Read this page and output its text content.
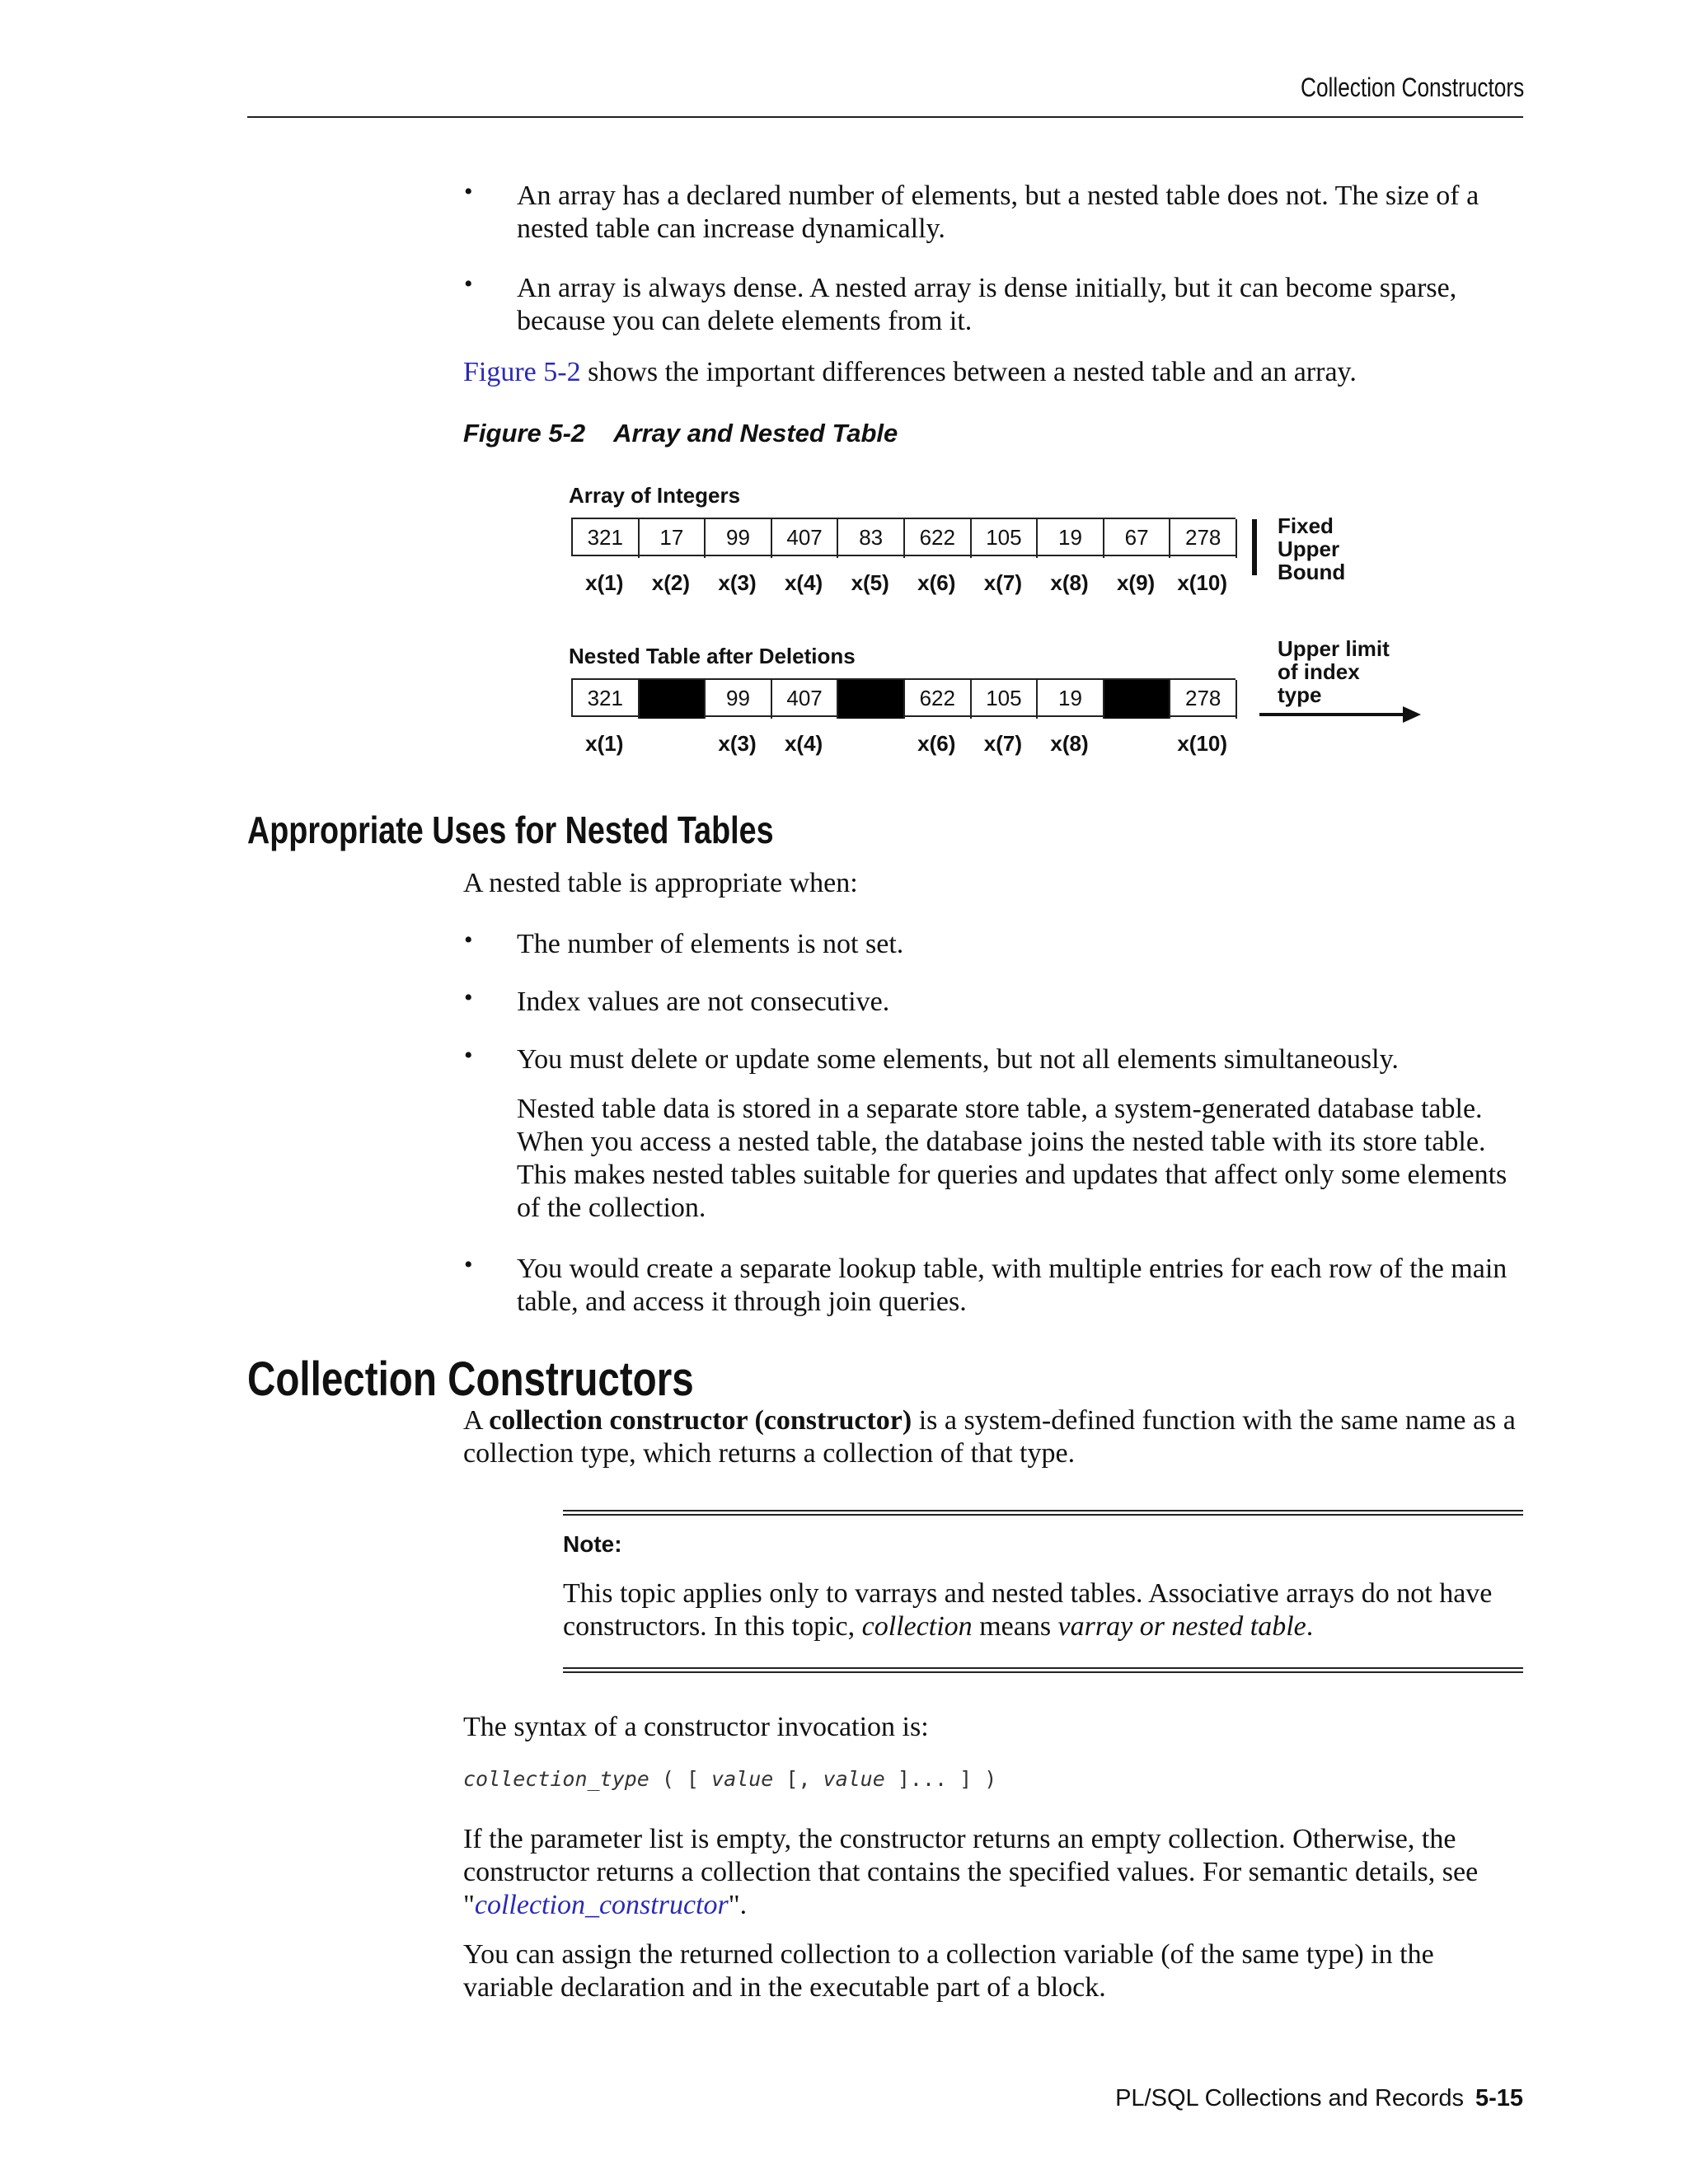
Collection Constructors
• An array has a declared number of elements, but a nested table does not. The size of a nested table can increase dynamically.
• An array is always dense. A nested array is dense initially, but it can become sparse, because you can delete elements from it.
Figure 5-2 shows the important differences between a nested table and an array.
Figure 5-2 Array and Nested Table
Array of Integers
321	17	99	407	83	622	105	19	67	278
x(1)	x(2)	x(3)	x(4)	x(5)	x(6)	x(7)	x(8)	x(9)	x(10)
Fixed
Upper
Bound
Nested Table after Deletions
321	99	407	622	105	19	278
x(1)	x(3)	x(4)	x(6)	x(7)	x(8)	x(10)
Upper limit
of index
type
Appropriate Uses for Nested Tables
A nested table is appropriate when:
• The number of elements is not set.
• Index values are not consecutive.
• You must delete or update some elements, but not all elements simultaneously.
Nested table data is stored in a separate store table, a system-generated database table. When you access a nested table, the database joins the nested table with its store table. This makes nested tables suitable for queries and updates that affect only some elements of the collection.
• You would create a separate lookup table, with multiple entries for each row of the main table, and access it through join queries.
Collection Constructors
A collection constructor (constructor) is a system-defined function with the same name as a collection type, which returns a collection of that type.
Note:
This topic applies only to varrays and nested tables. Associative arrays do not have constructors. In this topic, collection means varray or nested table.
The syntax of a constructor invocation is:
collection_type ( [ value [, value ]... ] )
If the parameter list is empty, the constructor returns an empty collection. Otherwise, the constructor returns a collection that contains the specified values. For semantic details, see "collection_constructor".
You can assign the returned collection to a collection variable (of the same type) in the variable declaration and in the executable part of a block.
PL/SQL Collections and Records 5-15
